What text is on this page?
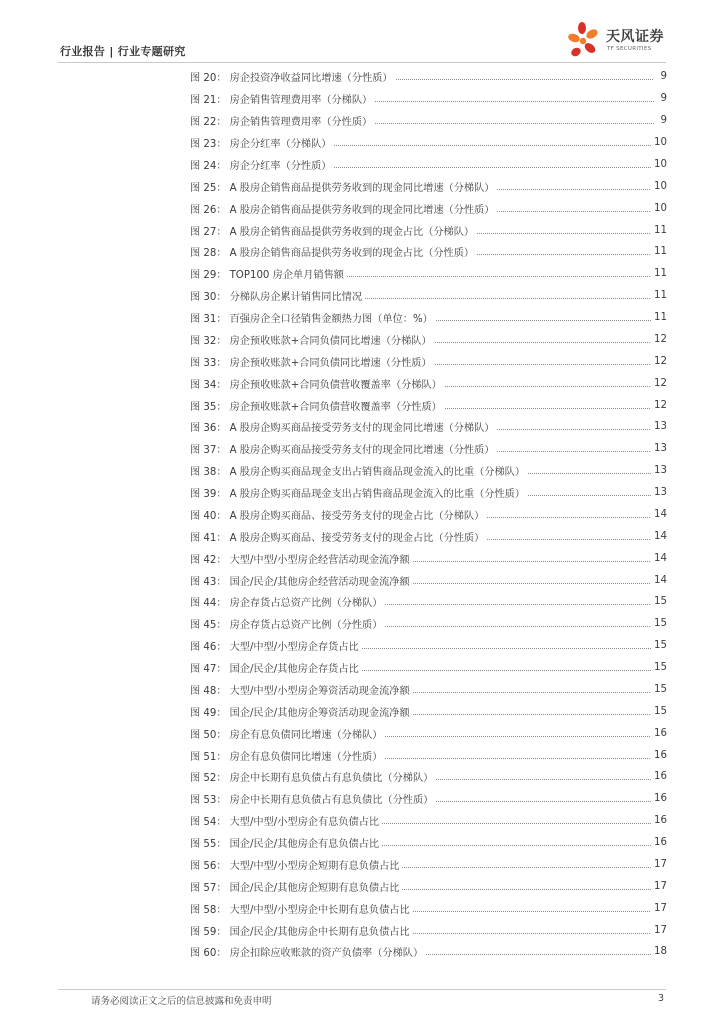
行业报告 | 行业专题研究
天风证券
TF SECURITIES
图 20 ： 房企投资净收益同比增速（分性质）	9
图 21 ： 房企销售管理费用率（分梯队）	9
图 22 ： 房企销售管理费用率（分性质）	9
图 23 ： 房企分红率（分梯队）	10
图 24 ： 房企分红率（分性质）	10
图 25 ： A 股房企销售商品提供劳务收到的现金同比增速（分梯队）	10
图 26 ： A 股房企销售商品提供劳务收到的现金同比增速（分性质）	10
图 27 ： A 股房企销售商品提供劳务收到的现金占比（分梯队）	11
图 28 ： A 股房企销售商品提供劳务收到的现金占比（分性质）	11
图 29 ： TOP100 房企单月销售额	11
图 30 ： 分梯队房企累计销售同比情况	11
图 31 ： 百强房企全口径销售金额热力图（单位：%）	11
图 32 ： 房企预收账款+合同负债同比增速（分梯队）	12
图 33 ： 房企预收账款+合同负债同比增速（分性质）	12
图 34 ： 房企预收账款+合同负债营收覆盖率（分梯队）	12
图 35 ： 房企预收账款+合同负债营收覆盖率（分性质）	12
图 36 ： A 股房企购买商品接受劳务支付的现金同比增速（分梯队）	13
图 37 ： A 股房企购买商品接受劳务支付的现金同比增速（分性质）	13
图 38 ： A 股房企购买商品现金支出占销售商品现金流入的比重（分梯队）	13
图 39 ： A 股房企购买商品现金支出占销售商品现金流入的比重（分性质）	13
图 40 ： A 股房企购买商品、接受劳务支付的现金占比（分梯队）	14
图 41 ： A 股房企购买商品、接受劳务支付的现金占比（分性质）	14
图 42 ： 大型/中型/小型房企经营活动现金流净额	14
图 43 ： 国企/民企/其他房企经营活动现金流净额	14
图 44 ： 房企存货占总资产比例（分梯队）	15
图 45 ： 房企存货占总资产比例（分性质）	15
图 46 ： 大型/中型/小型房企存货占比	15
图 47 ： 国企/民企/其他房企存货占比	15
图 48 ： 大型/中型/小型房企筹资活动现金流净额	15
图 49 ： 国企/民企/其他房企筹资活动现金流净额	15
图 50 ： 房企有息负债同比增速（分梯队）	16
图 51 ： 房企有息负债同比增速（分性质）	16
图 52 ： 房企中长期有息负债占有息负债比（分梯队）	16
图 53 ： 房企中长期有息负债占有息负债比（分性质）	16
图 54 ： 大型/中型/小型房企有息负债占比	16
图 55 ： 国企/民企/其他房企有息负债占比	16
图 56 ： 大型/中型/小型房企短期有息负债占比	17
图 57 ： 国企/民企/其他房企短期有息负债占比	17
图 58 ： 大型/中型/小型房企中长期有息负债占比	17
图 59 ： 国企/民企/其他房企中长期有息负债占比	17
图 60 ： 房企扣除应收账款的资产负债率（分梯队）	18
请务必阅读正文之后的信息披露和免责申明	3
